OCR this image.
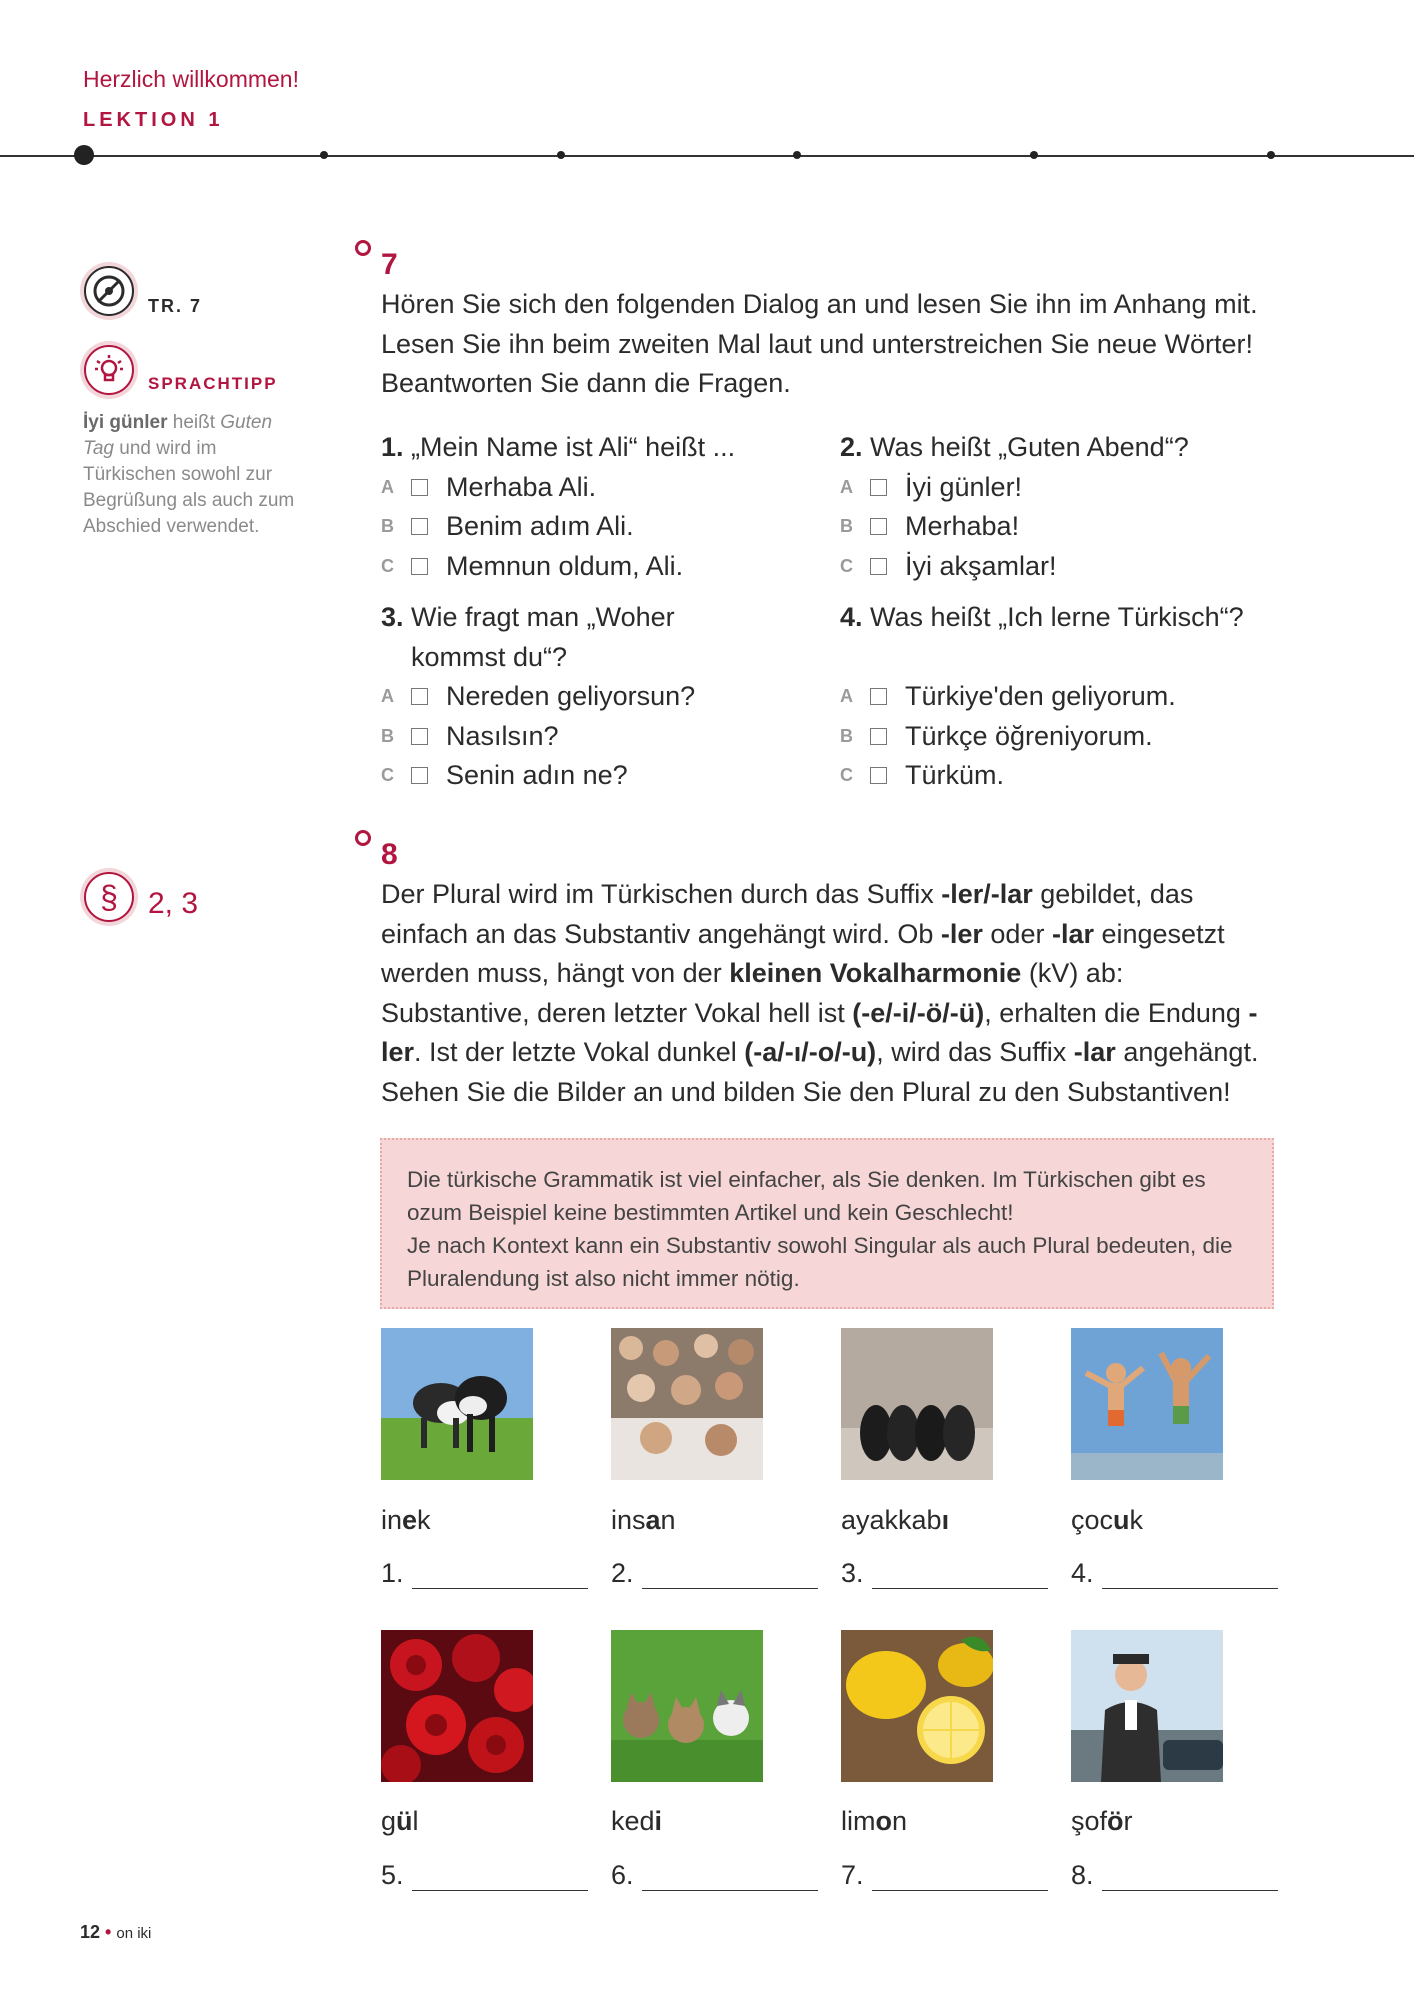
Herzlich willkommen!
LEKTION 1
TR. 7
SPRACHTIPP
İyi günler heißt Guten Tag und wird im Türkischen sowohl zur Begrüßung als auch zum Abschied verwendet.
§ 2, 3
7
Hören Sie sich den folgenden Dialog an und lesen Sie ihn im Anhang mit. Lesen Sie ihn beim zweiten Mal laut und unterstreichen Sie neue Wörter! Beantworten Sie dann die Fragen.
1. „Mein Name ist Ali“ heißt ...
A	Merhaba Ali.
B	Benim adım Ali.
C	Memnun oldum, Ali.
2. Was heißt „Guten Abend“?
A	İyi günler!
B	Merhaba!
C	İyi akşamlar!
3. Wie fragt man „Woher
kommst du“?
A	Nereden geliyorsun?
B	Nasılsın?
C	Senin adın ne?
4. Was heißt „Ich lerne Türkisch“?

A	Türkiye'den geliyorum.
B	Türkçe öğreniyorum.
C	Türküm.
8
Der Plural wird im Türkischen durch das Suffix -ler/-lar gebildet, das einfach an das Substantiv angehängt wird. Ob -ler oder -lar eingesetzt werden muss, hängt von der kleinen Vokalharmonie (kV) ab: Substantive, deren letzter Vokal hell ist (-e/-i/-ö/-ü), erhalten die Endung -ler. Ist der letzte Vokal dunkel (-a/-ı/-o/-u), wird das Suffix -lar angehängt. Sehen Sie die Bilder an und bilden Sie den Plural zu den Substantiven!
Die türkische Grammatik ist viel einfacher, als Sie denken. Im Türkischen gibt es ozum Beispiel keine bestimmten Artikel und kein Geschlecht!
Je nach Kontext kann ein Substantiv sowohl Singular als auch Plural bedeuten, die Pluralendung ist also nicht immer nötig.
inek	insan	ayakkabı	çocuk
1.	2.	3.	4.
gül	kedi	limon	şoför
5.	6.	7.	8.
12 • on iki
